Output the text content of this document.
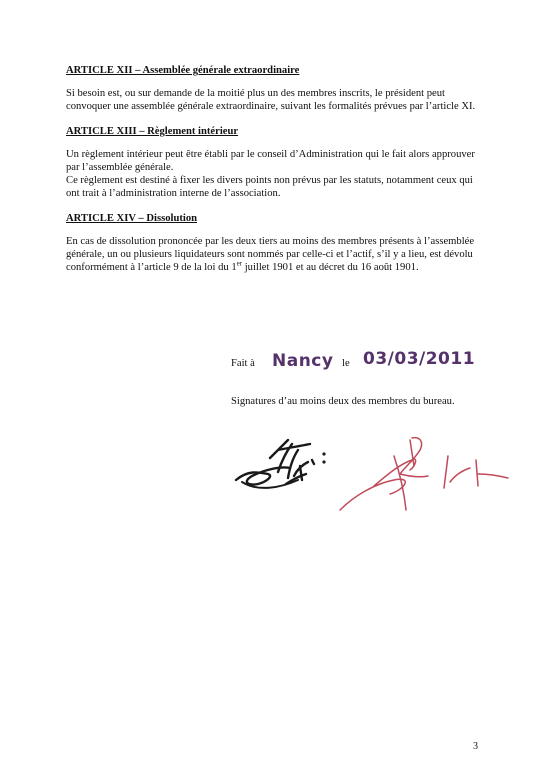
ARTICLE XII – Assemblée générale extraordinaire

Si besoin est, ou sur demande de la moitié plus un des membres inscrits, le président peut convoquer une assemblée générale extraordinaire, suivant les formalités prévues par l’article XI.

ARTICLE XIII – Règlement intérieur

Un règlement intérieur peut être établi par le conseil d’Administration qui le fait alors approuver par l’assemblée générale.

Ce règlement est destiné à fixer les divers points non prévus par les statuts, notamment ceux qui ont trait à l’administration interne de l’association.

ARTICLE XIV – Dissolution

En cas de dissolution prononcée par les deux tiers au moins des membres présents à l’assemblée générale, un ou plusieurs liquidateurs sont nommés par celle-ci et l’actif, s’il y a lieu, est dévolu conformément à l’article 9 de la loi du 1er juillet 1901 et au décret du 16 août 1901.

Fait à Nancy le 03/03/2011
Signatures d’au moins deux des membres du bureau.
3
